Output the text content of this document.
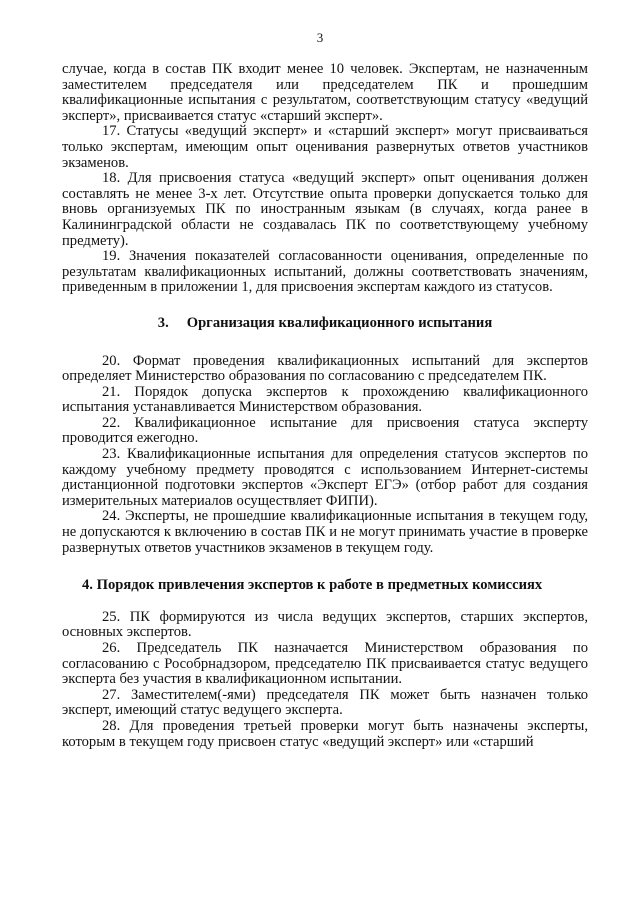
3

случае, когда в состав ПК входит менее 10 человек. Экспертам, не назначенным заместителем председателя или председателем ПК и прошедшим квалификационные испытания с результатом, соответствующим статусу «ведущий эксперт», присваивается статус «старший эксперт».

17. Статусы «ведущий эксперт» и «старший эксперт» могут присваиваться только экспертам, имеющим опыт оценивания развернутых ответов участников экзаменов.

18. Для присвоения статуса «ведущий эксперт» опыт оценивания должен составлять не менее 3-х лет. Отсутствие опыта проверки допускается только для вновь организуемых ПК по иностранным языкам (в случаях, когда ранее в Калининградской области не создавалась ПК по соответствующему учебному предмету).

19. Значения показателей согласованности оценивания, определенные по результатам квалификационных испытаний, должны соответствовать значениям, приведенным в приложении 1, для присвоения экспертам каждого из статусов.

3. Организация квалификационного испытания

20. Формат проведения квалификационных испытаний для экспертов определяет Министерство образования по согласованию с председателем ПК.

21. Порядок допуска экспертов к прохождению квалификационного испытания устанавливается Министерством образования.

22. Квалификационное испытание для присвоения статуса эксперту проводится ежегодно.

23. Квалификационные испытания для определения статусов экспертов по каждому учебному предмету проводятся с использованием Интернет-системы дистанционной подготовки экспертов «Эксперт ЕГЭ» (отбор работ для создания измерительных материалов осуществляет ФИПИ).

24. Эксперты, не прошедшие квалификационные испытания в текущем году, не допускаются к включению в состав ПК и не могут принимать участие в проверке развернутых ответов участников экзаменов в текущем году.

4. Порядок привлечения экспертов к работе в предметных комиссиях

25. ПК формируются из числа ведущих экспертов, старших экспертов, основных экспертов.

26. Председатель ПК назначается Министерством образования по согласованию с Рособрнадзором, председателю ПК присваивается статус ведущего эксперта без участия в квалификационном испытании.

27. Заместителем(-ями) председателя ПК может быть назначен только эксперт, имеющий статус ведущего эксперта.

28. Для проведения третьей проверки могут быть назначены эксперты, которым в текущем году присвоен статус «ведущий эксперт» или «старший
